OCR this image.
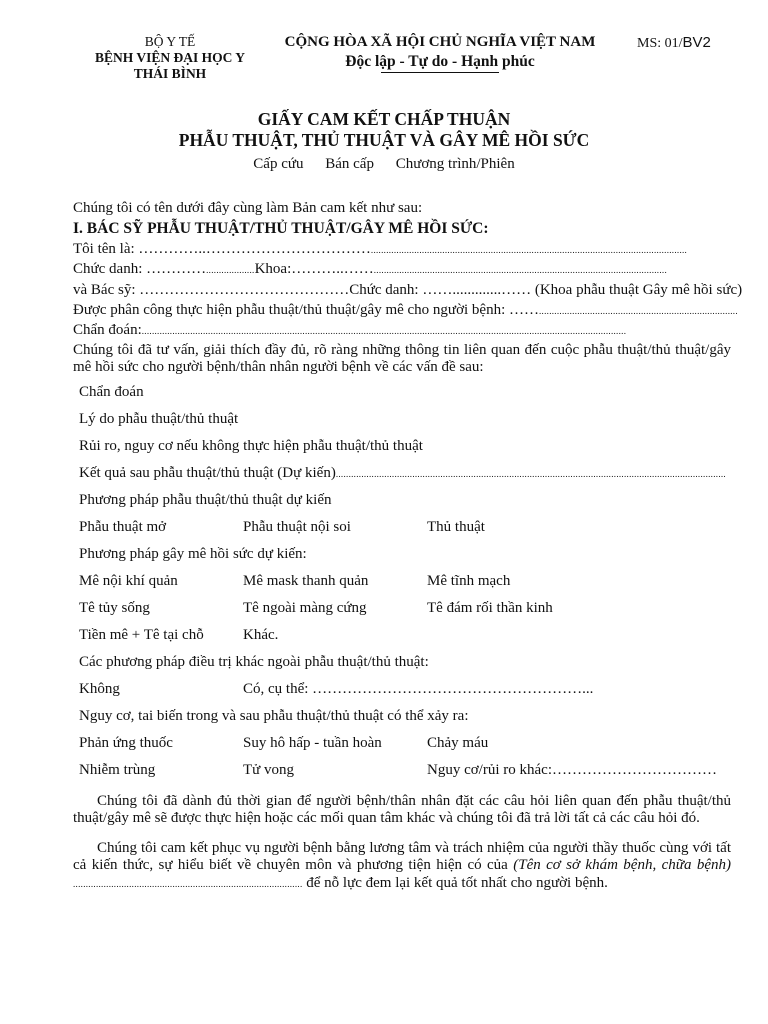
BỘ Y TẾ
BỆNH VIỆN ĐẠI HỌC Y
THÁI BÌNH
CỘNG HÒA XÃ HỘI CHỦ NGHĨA VIỆT NAM
Độc lập - Tự do - Hạnh phúc
MS: 01/BV2
GIẤY CAM KẾT CHẤP THUẬN
PHẪU THUẬT, THỦ THUẬT VÀ GÂY MÊ HỒI SỨC
Cấp cứu Bán cấp Chương trình/Phiên
Chúng tôi có tên dưới đây cùng làm Bản cam kết như sau:
I. BÁC SỸ PHẪU THUẬT/THỦ THUẬT/GÂY MÊ HỒI SỨC:
Tôi tên là: …………..……………………………............................................................................................................................
Chức danh: …………...................Khoa:………..……...................................................................................................................
và Bác sỹ: ……………………………………Chức danh: …….............…… (Khoa phẫu thuật Gây mê hồi sức)
Được phân công thực hiện phẫu thuật/thủ thuật/gây mê cho người bệnh: ……..............................................................................
Chẩn đoán:..............................................................................................................................................................................................
Chúng tôi đã tư vấn, giải thích đầy đủ, rõ ràng những thông tin liên quan đến cuộc phẫu thuật/thủ thuật/gây mê hồi sức cho người bệnh/thân nhân người bệnh về các vấn đề sau:
Chẩn đoán
Lý do phẫu thuật/thủ thuật
Rủi ro, nguy cơ nếu không thực hiện phẫu thuật/thủ thuật
Kết quả sau phẫu thuật/thủ thuật (Dự kiến).........................................................................................................................................................
Phương pháp phẫu thuật/thủ thuật dự kiến
Phẫu thuật mở	Phẫu thuật nội soi	Thủ thuật
Phương pháp gây mê hồi sức dự kiến:
Mê nội khí quản	Mê mask thanh quản	Mê tĩnh mạch
Tê tủy sống	Tê ngoài màng cứng	Tê đám rối thần kinh
Tiền mê + Tê tại chỗ	Khác.
Các phương pháp điều trị khác ngoài phẫu thuật/thủ thuật:
Không	Có, cụ thể: ………………………………………………...
Nguy cơ, tai biến trong và sau phẫu thuật/thủ thuật có thể xảy ra:
Phản ứng thuốc	Suy hô hấp - tuần hoàn	Chảy máu
Nhiễm trùng	Tử vong	Nguy cơ/rủi ro khác:……………………………
Chúng tôi đã dành đủ thời gian để người bệnh/thân nhân đặt các câu hỏi liên quan đến phẫu thuật/thủ thuật/gây mê sẽ được thực hiện hoặc các mối quan tâm khác và chúng tôi đã trả lời tất cả các câu hỏi đó.
Chúng tôi cam kết phục vụ người bệnh bằng lương tâm và trách nhiệm của người thầy thuốc cùng với tất cả kiến thức, sự hiểu biết về chuyên môn và phương tiện hiện có của (Tên cơ sở khám bệnh, chữa bệnh) .......................................................................................... để nỗ lực đem lại kết quả tốt nhất cho người bệnh.
